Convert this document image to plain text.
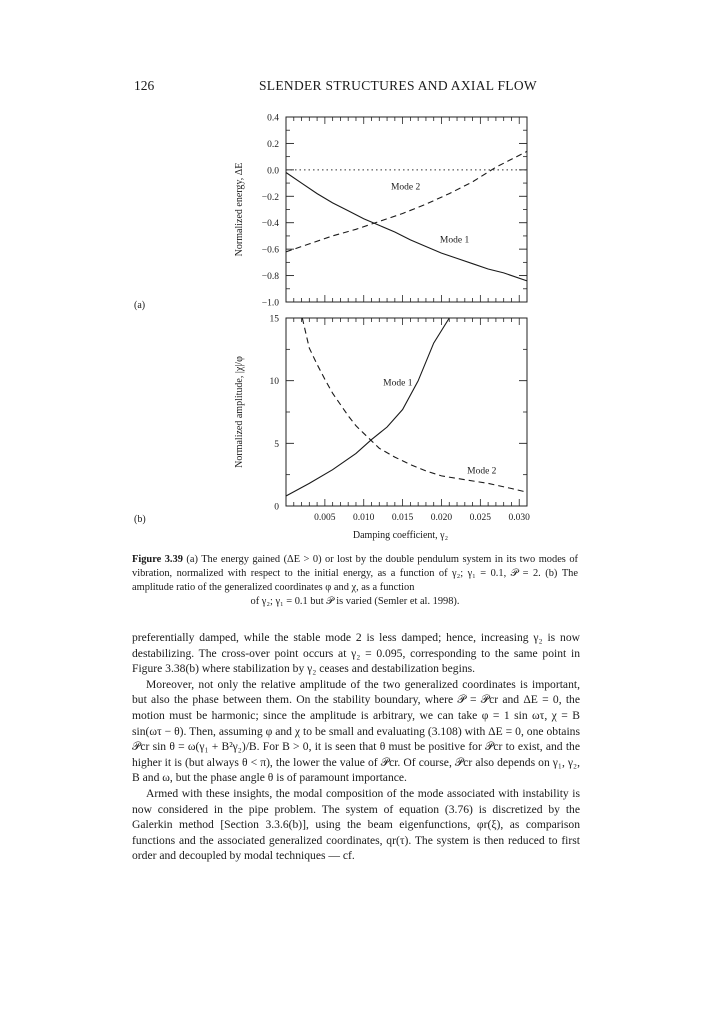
126	SLENDER STRUCTURES AND AXIAL FLOW
0.4
0.2
0.0
−0.2
−0.4
−0.6
−0.8
−1.0
Mode 2
Mode 1
Normalized energy, ΔE
0
5
10
15
0.005 0.010 0.015 0.020 0.025 0.030
Mode 1
Mode 2
Normalized amplitude, |χ|/φ
Damping coefficient, γ₂
(a)
(b)
Figure 3.39 (a) The energy gained (ΔE > 0) or lost by the double pendulum system in its two modes of vibration, normalized with respect to the initial energy, as a function of γ₂; γ₁ = 0.1, 𝒫 = 2. (b) The amplitude ratio of the generalized coordinates φ and χ, as a function
of γ₂; γ₁ = 0.1 but 𝒫 is varied (Semler et al. 1998).

preferentially damped, while the stable mode 2 is less damped; hence, increasing γ₂ is now destabilizing. The cross-over point occurs at γ₂ = 0.095, corresponding to the same point in Figure 3.38(b) where stabilization by γ₂ ceases and destabilization begins.

Moreover, not only the relative amplitude of the two generalized coordinates is important, but also the phase between them. On the stability boundary, where 𝒫 = 𝒫cr and ΔE = 0, the motion must be harmonic; since the amplitude is arbitrary, we can take φ = 1 sin ωτ, χ = B sin(ωτ − θ). Then, assuming φ and χ to be small and evaluating (3.108) with ΔE = 0, one obtains 𝒫cr sin θ = ω(γ₁ + B²γ₂)/B. For B > 0, it is seen that θ must be positive for 𝒫cr to exist, and the higher it is (but always θ < π), the lower the value of 𝒫cr. Of course, 𝒫cr also depends on γ₁, γ₂, B and ω, but the phase angle θ is of paramount importance.

Armed with these insights, the modal composition of the mode associated with instability is now considered in the pipe problem. The system of equation (3.76) is discretized by the Galerkin method [Section 3.3.6(b)], using the beam eigenfunctions, φr(ξ), as comparison functions and the associated generalized coordinates, qr(τ). The system is then reduced to first order and decoupled by modal techniques — cf.
